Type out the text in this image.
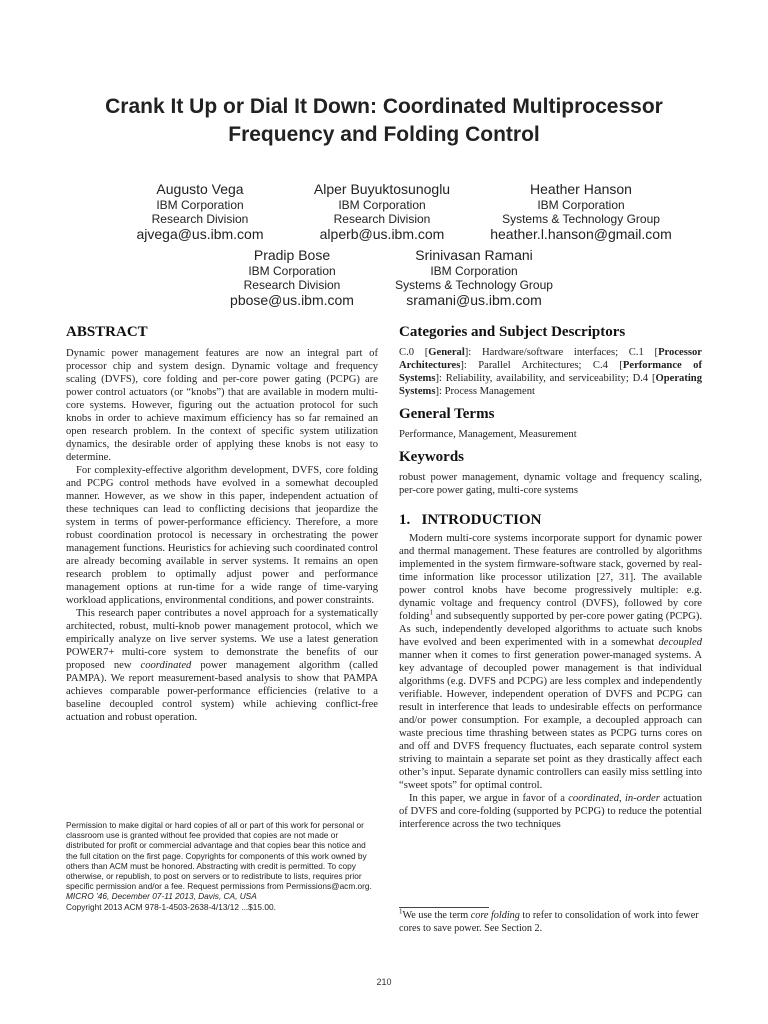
Crank It Up or Dial It Down: Coordinated Multiprocessor
Frequency and Folding Control
Augusto Vega
IBM Corporation
Research Division
ajvega@us.ibm.com
Alper Buyuktosunoglu
IBM Corporation
Research Division
alperb@us.ibm.com
Heather Hanson
IBM Corporation
Systems & Technology Group
heather.l.hanson@gmail.com
Pradip Bose
IBM Corporation
Research Division
pbose@us.ibm.com
Srinivasan Ramani
IBM Corporation
Systems & Technology Group
sramani@us.ibm.com
ABSTRACT

Dynamic power management features are now an integral part of processor chip and system design. Dynamic voltage and frequency scaling (DVFS), core folding and per-core power gating (PCPG) are power control actuators (or “knobs”) that are available in modern multi-core systems. However, figuring out the actuation protocol for such knobs in order to achieve maximum efficiency has so far remained an open research problem. In the context of specific system utilization dynamics, the desirable order of applying these knobs is not easy to determine.

For complexity-effective algorithm development, DVFS, core folding and PCPG control methods have evolved in a somewhat decoupled manner. However, as we show in this paper, independent actuation of these techniques can lead to conflicting decisions that jeopardize the system in terms of power-performance efficiency. Therefore, a more robust coordination protocol is necessary in orchestrating the power management functions. Heuristics for achieving such coordinated control are already becoming available in server systems. It remains an open research problem to optimally adjust power and performance management options at run-time for a wide range of time-varying workload applications, environmental conditions, and power constraints.

This research paper contributes a novel approach for a systematically architected, robust, multi-knob power management protocol, which we empirically analyze on live server systems. We use a latest generation POWER7+ multi-core system to demonstrate the benefits of our proposed new coordinated power management algorithm (called PAMPA). We report measurement-based analysis to show that PAMPA achieves comparable power-performance efficiencies (relative to a baseline decoupled control system) while achieving conflict-free actuation and robust operation.

Permission to make digital or hard copies of all or part of this work for personal or classroom use is granted without fee provided that copies are not made or distributed for profit or commercial advantage and that copies bear this notice and the full citation on the first page. Copyrights for components of this work owned by others than ACM must be honored. Abstracting with credit is permitted. To copy otherwise, or republish, to post on servers or to redistribute to lists, requires prior specific permission and/or a fee. Request permissions from Permissions@acm.org.

MICRO ’46, December 07-11 2013, Davis, CA, USA

Copyright 2013 ACM 978-1-4503-2638-4/13/12 ...$15.00.

Categories and Subject Descriptors

C.0 [General]: Hardware/software interfaces; C.1 [Processor Architectures]: Parallel Architectures; C.4 [Performance of Systems]: Reliability, availability, and serviceability; D.4 [Operating Systems]: Process Management

General Terms

Performance, Management, Measurement

Keywords

robust power management, dynamic voltage and frequency scaling, per-core power gating, multi-core systems

1.   INTRODUCTION

Modern multi-core systems incorporate support for dynamic power and thermal management. These features are controlled by algorithms implemented in the system firmware-software stack, governed by real-time information like processor utilization [27, 31]. The available power control knobs have become progressively multiple: e.g. dynamic voltage and frequency control (DVFS), followed by core folding$^1$ and subsequently supported by per-core power gating (PCPG). As such, independently developed algorithms to actuate such knobs have evolved and been experimented with in a somewhat decoupled manner when it comes to first generation power-managed systems. A key advantage of decoupled power management is that individual algorithms (e.g. DVFS and PCPG) are less complex and independently verifiable. However, independent operation of DVFS and PCPG can result in interference that leads to undesirable effects on performance and/or power consumption. For example, a decoupled approach can waste precious time thrashing between states as PCPG turns cores on and off and DVFS frequency fluctuates, each separate control system striving to maintain a separate set point as they drastically affect each other’s input. Separate dynamic controllers can easily miss settling into “sweet spots” for optimal control.

In this paper, we argue in favor of a coordinated, in-order actuation of DVFS and core-folding (supported by PCPG) to reduce the potential interference across the two techniques

$^1$We use the term core folding to refer to consolidation of work into fewer cores to save power. See Section 2.
210
